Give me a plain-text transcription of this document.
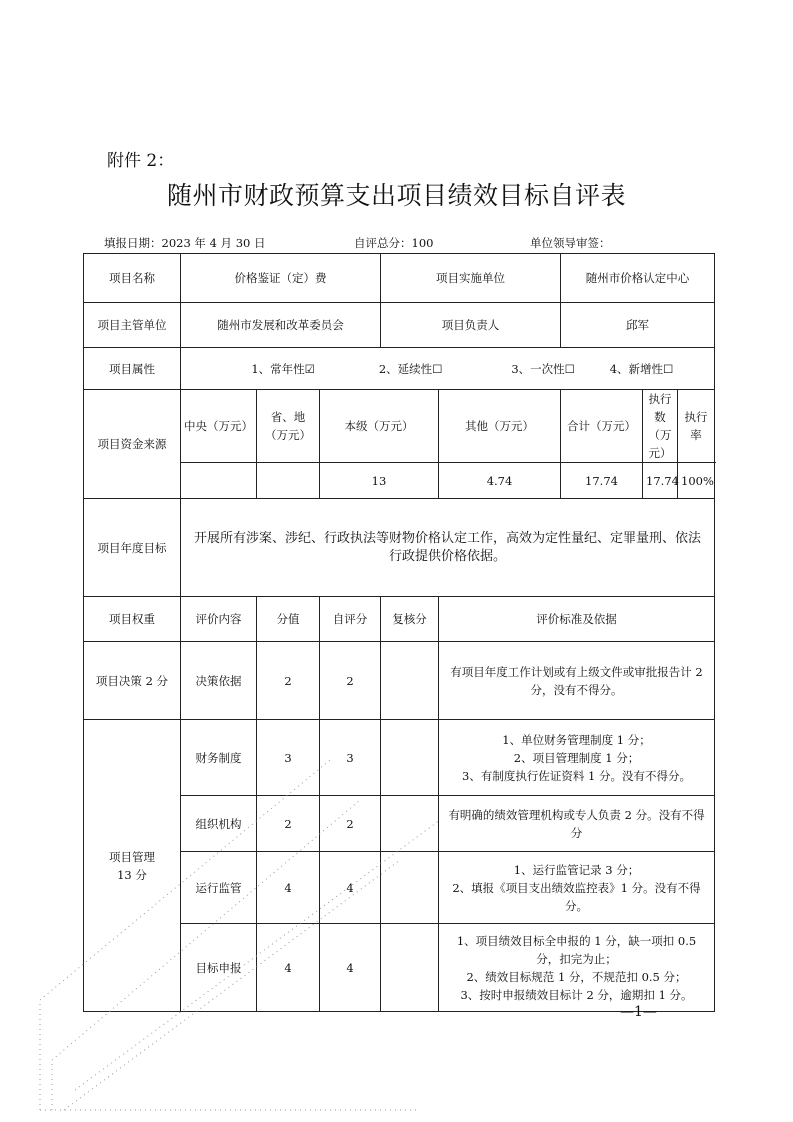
附件 2：
随州市财政预算支出项目绩效目标自评表
填报日期：2023 年 4 月 30 日	自评总分：100	单位领导审签：
项目名称	价格鉴证（定）费			项目实施单位		随州市价格认定中心		
项目主管单位	随州市发展和改革委员会			项目负责人		邱军		
项目属性	1、常年性☑ 2、延续性☐ 3、一次性☐ 4、新增性☐							
项目资金来源	中央（万元）	省、地（万元）	本级（万元）		其他（万元）	合计（万元）	执行数（万元）	执行率
			13		4.74	17.74	17.74	100%
项目年度目标	开展所有涉案、涉纪、行政执法等财物价格认定工作，高效为定性量纪、定罪量刑、依法行政提供价格依据。							
项目权重	评价内容	分值	自评分	复核分	评价标准及依据			
项目决策 2 分	决策依据	2	2		有项目年度工作计划或有上级文件或审批报告计 2 分，没有不得分。			

项目管理13 分	财务制度	3	3		1、单位财务管理制度 1 分；
2、项目管理制度 1 分；
3、有制度执行佐证资料 1 分。没有不得分。			

	组织机构	2	2		有明确的绩效管理机构或专人负责 2 分。没有不得分			

	运行监管	4	4		1、运行监管记录 3 分；
2、填报《项目支出绩效监控表》1 分。没有不得分。			

	目标申报	4	4		1、项目绩效目标全申报的 1 分，缺一项扣 0.5 分，扣完为止；
2、绩效目标规范 1 分，不规范扣 0.5 分；
3、按时申报绩效目标计 2 分，逾期扣 1 分。			
—1—
